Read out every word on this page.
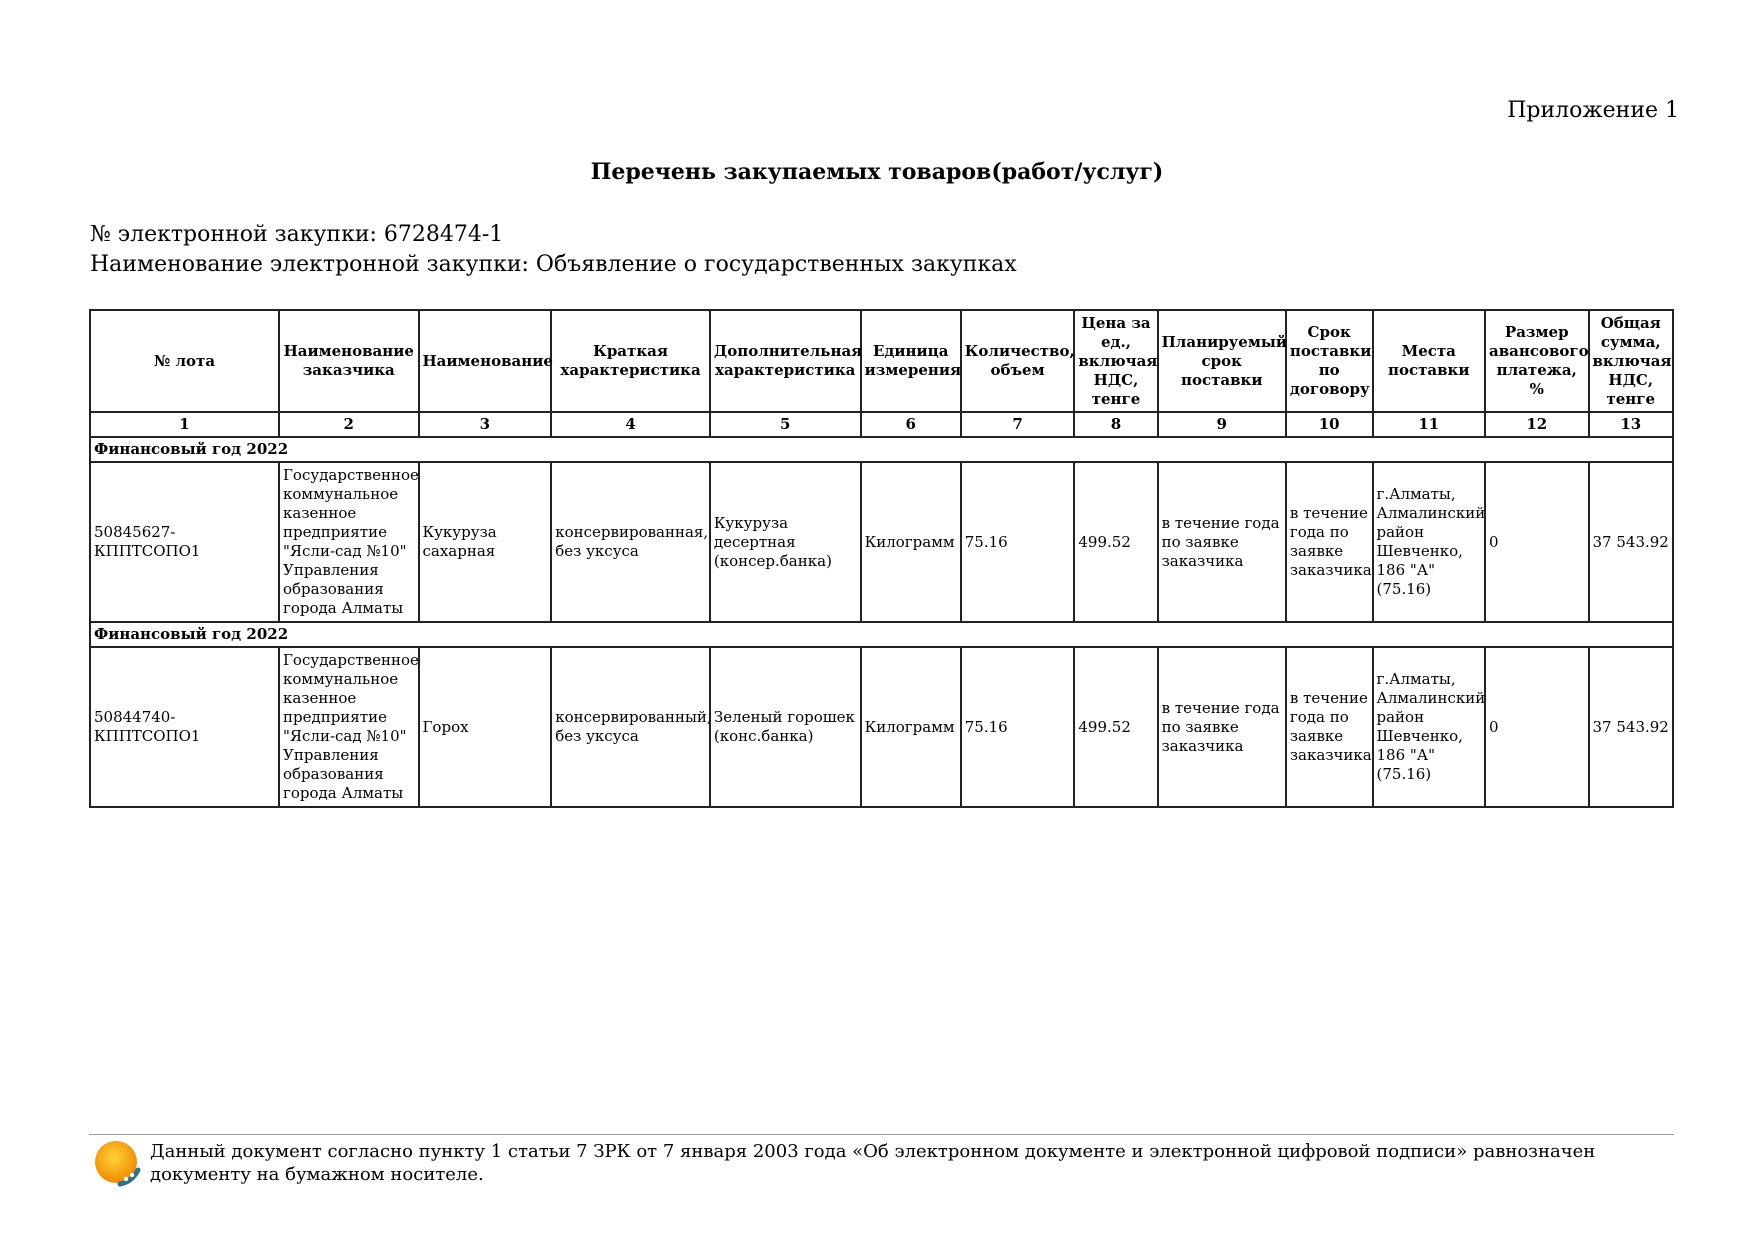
Приложение 1
Перечень закупаемых товаров(работ/услуг)
№ электронной закупки: 6728474-1
Наименование электронной закупки: Объявление о государственных закупках
№ лота	Наименование заказчика	Наименование	Краткая характеристика	Дополнительная характеристика	Единица измерения	Количество, объем	Цена за ед., включая НДС, тенге	Планируемый срок поставки	Срок поставки по договору	Места поставки	Размер авансового платежа, %	Общая сумма, включая НДС, тенге
1	2	3	4	5	6	7	8	9	10	11	12	13
Финансовый год 2022												
50845627-КППТСОПО1	Государственное коммунальное казенное предприятие "Ясли-сад №10" Управления образования города Алматы	Кукуруза сахарная	консервированная, без уксуса	Кукуруза десертная (консер.банка)	Килограмм	75.16	499.52	в течение года по заявке заказчика	в течение года по заявке заказчика	г.Алматы, Алмалинский район Шевченко, 186 "А" (75.16)	0	37 543.92
Финансовый год 2022												
50844740-КППТСОПО1	Государственное коммунальное казенное предприятие "Ясли-сад №10" Управления образования города Алматы	Горох	консервированный, без уксуса	Зеленый горошек (конс.банка)	Килограмм	75.16	499.52	в течение года по заявке заказчика	в течение года по заявке заказчика	г.Алматы, Алмалинский район Шевченко, 186 "А" (75.16)	0	37 543.92
Данный документ согласно пункту 1 статьи 7 ЗРК от 7 января 2003 года «Об электронном документе и электронной цифровой подписи» равнозначен документу на бумажном носителе.
